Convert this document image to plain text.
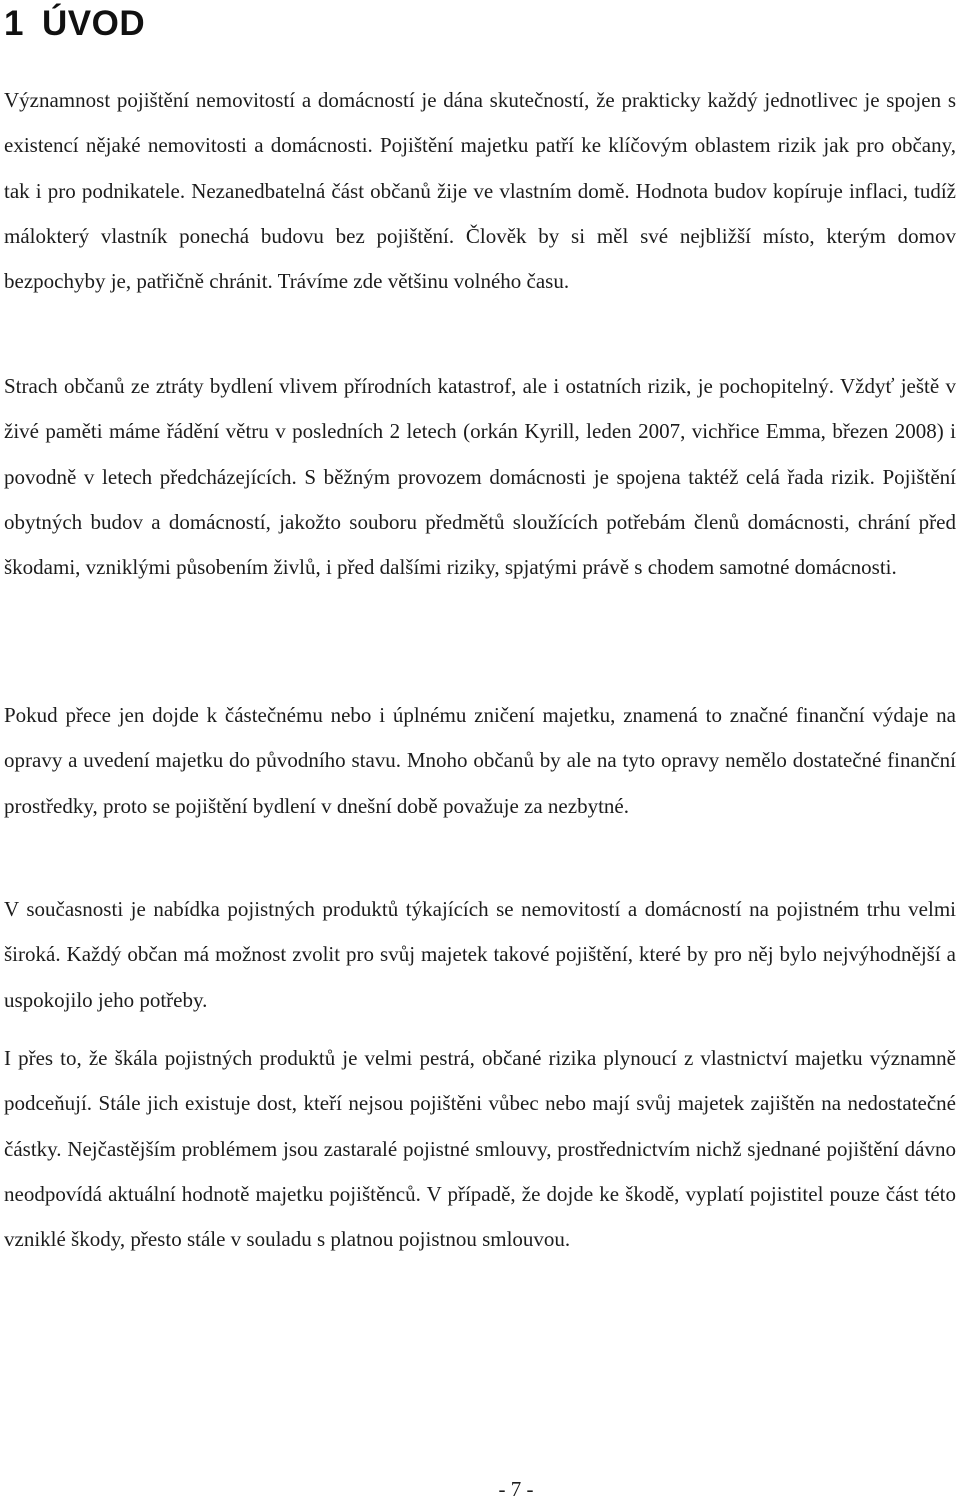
1 ÚVOD

Významnost pojištění nemovitostí a domácností je dána skutečností, že prakticky každý jednotlivec je spojen s existencí nějaké nemovitosti a domácnosti. Pojištění majetku patří ke klíčovým oblastem rizik jak pro občany, tak i pro podnikatele. Nezanedbatelná část občanů žije ve vlastním domě. Hodnota budov kopíruje inflaci, tudíž málokterý vlastník ponechá budovu bez pojištění. Člověk by si měl své nejbližší místo, kterým domov bezpochyby je, patřičně chránit. Trávíme zde většinu volného času.

Strach občanů ze ztráty bydlení vlivem přírodních katastrof, ale i ostatních rizik, je pochopitelný. Vždyť ještě v živé paměti máme řádění větru v posledních 2 letech (orkán Kyrill, leden 2007, vichřice Emma, březen 2008) i povodně v letech předcházejících. S běžným provozem domácnosti je spojena taktéž celá řada rizik. Pojištění obytných budov a domácností, jakožto souboru předmětů sloužících potřebám členů domácnosti, chrání před škodami, vzniklými působením živlů, i před dalšími riziky, spjatými právě s chodem samotné domácnosti.

Pokud přece jen dojde k částečnému nebo i úplnému zničení majetku, znamená to značné finanční výdaje na opravy a uvedení majetku do původního stavu. Mnoho občanů by ale na tyto opravy nemělo dostatečné finanční prostředky, proto se pojištění bydlení v dnešní době považuje za nezbytné.

V současnosti je nabídka pojistných produktů týkajících se nemovitostí a domácností na pojistném trhu velmi široká. Každý občan má možnost zvolit pro svůj majetek takové pojištění, které by pro něj bylo nejvýhodnější a uspokojilo jeho potřeby.

I přes to, že škála pojistných produktů je velmi pestrá, občané rizika plynoucí z vlastnictví majetku významně podceňují. Stále jich existuje dost, kteří nejsou pojištěni vůbec nebo mají svůj majetek zajištěn na nedostatečné částky. Nejčastějším problémem jsou zastaralé pojistné smlouvy, prostřednictvím nichž sjednané pojištění dávno neodpovídá aktuální hodnotě majetku pojištěnců. V případě, že dojde ke škodě, vyplatí pojistitel pouze část této vzniklé škody, přesto stále v souladu s platnou pojistnou smlouvou.

- 7 -
